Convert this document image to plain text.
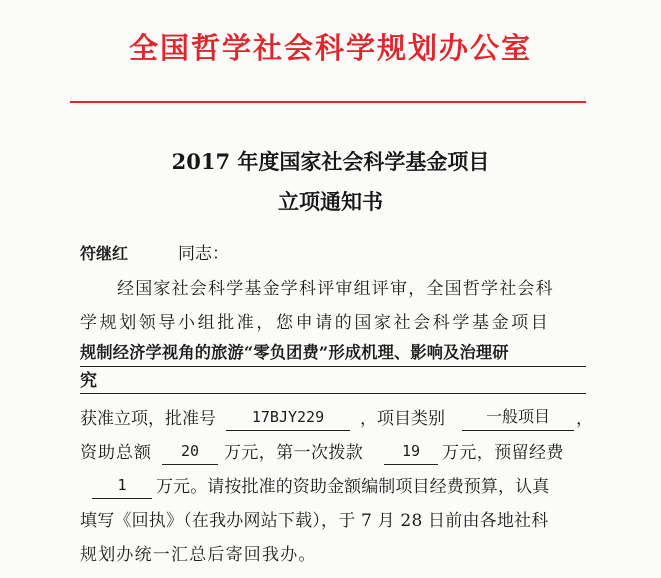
全国哲学社会科学规划办公室
2017 年度国家社会科学基金项目
立项通知书
符继红	同志：
经国家社会科学基金学科评审组评审，全国哲学社会科
学规划领导小组批准，您申请的国家社会科学基金项目
规制经济学视角的旅游“零负团费”形成机理、影响及治理研
究
获准立项，批准号	17BJY229	，项目类别	一般项目	，
资助总额	20	万元，第一次拨款	19	万元，预留经费
1	万元。请按批准的资助金额编制项目经费预算，认真
填写《回执》（在我办网站下载），于 7 月 28 日前由各地社科
规划办统一汇总后寄回我办。
